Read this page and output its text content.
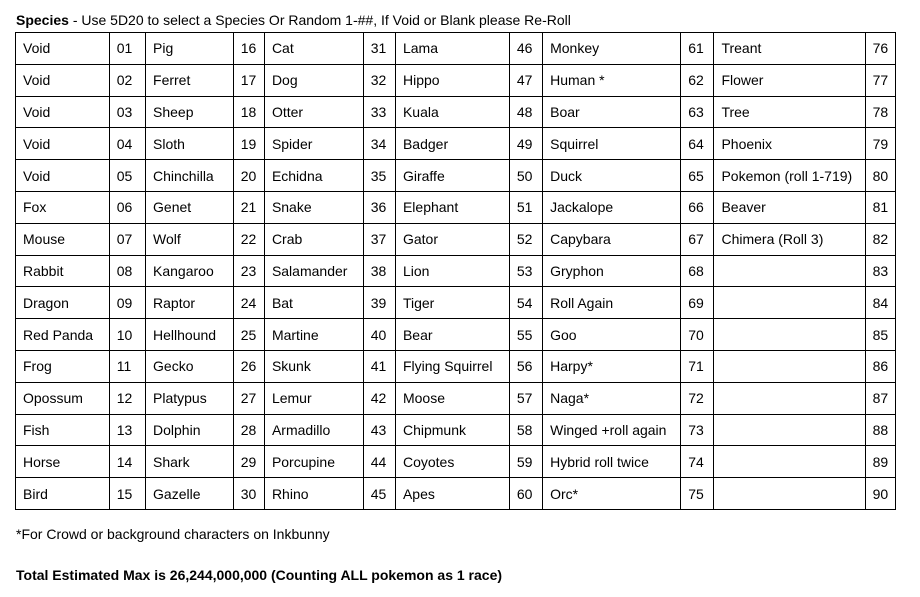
Species - Use 5D20 to select a Species Or Random 1-##, If Void or Blank please Re-Roll
Void	01	Pig	16	Cat	31	Lama	46	Monkey	61	Treant	76
Void	02	Ferret	17	Dog	32	Hippo	47	Human *	62	Flower	77
Void	03	Sheep	18	Otter	33	Kuala	48	Boar	63	Tree	78
Void	04	Sloth	19	Spider	34	Badger	49	Squirrel	64	Phoenix	79
Void	05	Chinchilla	20	Echidna	35	Giraffe	50	Duck	65	Pokemon (roll 1-719)	80
Fox	06	Genet	21	Snake	36	Elephant	51	Jackalope	66	Beaver	81
Mouse	07	Wolf	22	Crab	37	Gator	52	Capybara	67	Chimera (Roll 3)	82
Rabbit	08	Kangaroo	23	Salamander	38	Lion	53	Gryphon	68		83
Dragon	09	Raptor	24	Bat	39	Tiger	54	Roll Again	69		84
Red Panda	10	Hellhound	25	Martine	40	Bear	55	Goo	70		85
Frog	11	Gecko	26	Skunk	41	Flying Squirrel	56	Harpy*	71		86
Opossum	12	Platypus	27	Lemur	42	Moose	57	Naga*	72		87
Fish	13	Dolphin	28	Armadillo	43	Chipmunk	58	Winged +roll again	73		88
Horse	14	Shark	29	Porcupine	44	Coyotes	59	Hybrid roll twice	74		89
Bird	15	Gazelle	30	Rhino	45	Apes	60	Orc*	75		90
*For Crowd or background characters on Inkbunny
Total Estimated Max is 26,244,000,000 (Counting ALL pokemon as 1 race)
